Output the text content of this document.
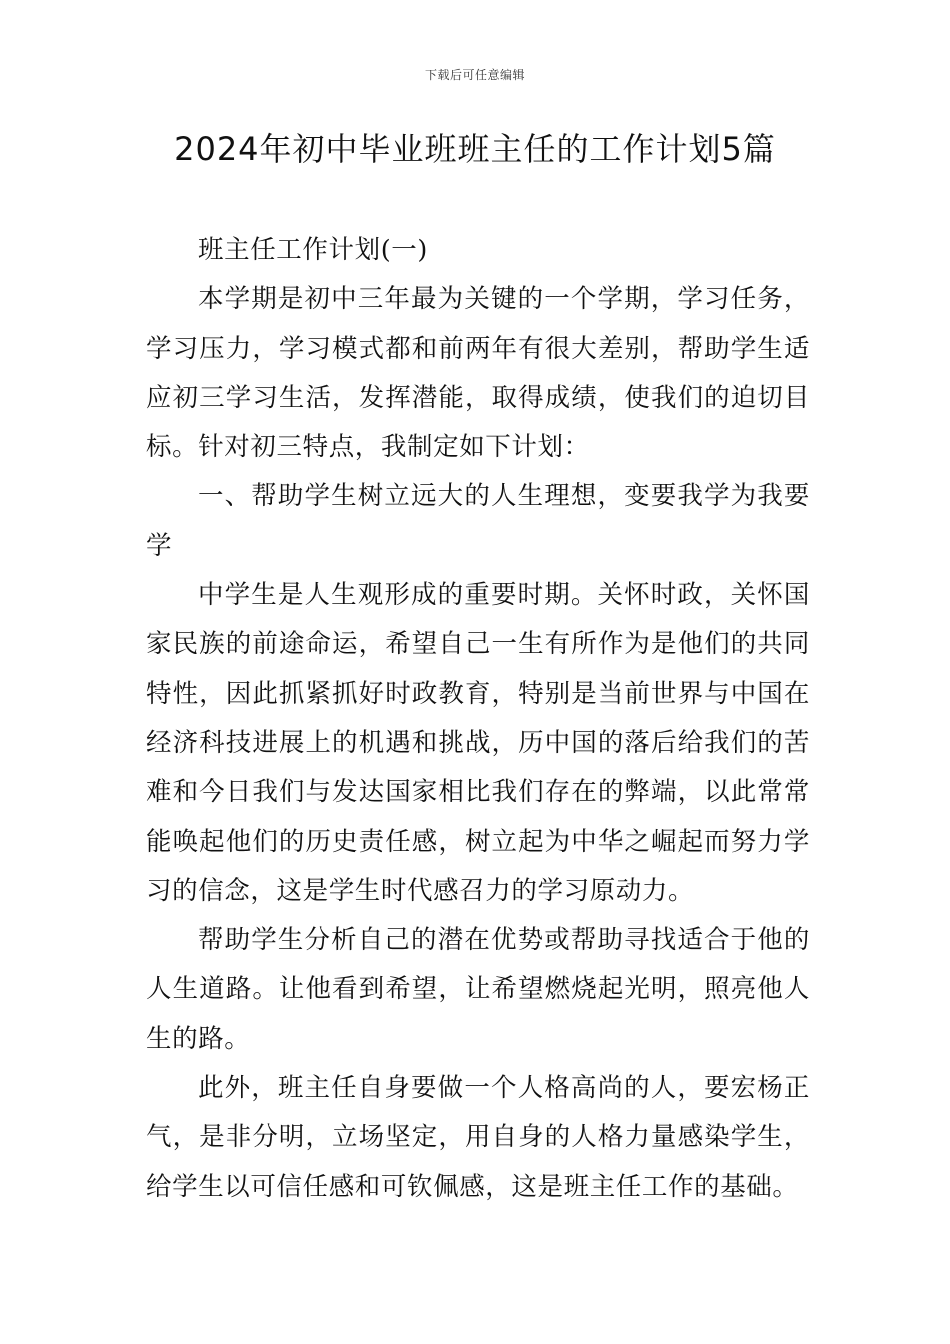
下载后可任意编辑
2024年初中毕业班班主任的工作计划5篇

班主任工作计划(一)

本学期是初中三年最为关键的一个学期，学习任务，学习压力，学习模式都和前两年有很大差别，帮助学生适应初三学习生活，发挥潜能，取得成绩，使我们的迫切目标。针对初三特点，我制定如下计划：

一、帮助学生树立远大的人生理想，变要我学为我要学

中学生是人生观形成的重要时期。关怀时政，关怀国家民族的前途命运，希望自己一生有所作为是他们的共同特性，因此抓紧抓好时政教育，特别是当前世界与中国在经济科技进展上的机遇和挑战，历中国的落后给我们的苦难和今日我们与发达国家相比我们存在的弊端，以此常常能唤起他们的历史责任感，树立起为中华之崛起而努力学习的信念，这是学生时代感召力的学习原动力。

帮助学生分析自己的潜在优势或帮助寻找适合于他的人生道路。让他看到希望，让希望燃烧起光明，照亮他人生的路。

此外，班主任自身要做一个人格高尚的人，要宏杨正气，是非分明，立场坚定，用自身的人格力量感染学生，给学生以可信任感和可钦佩感，这是班主任工作的基础。
